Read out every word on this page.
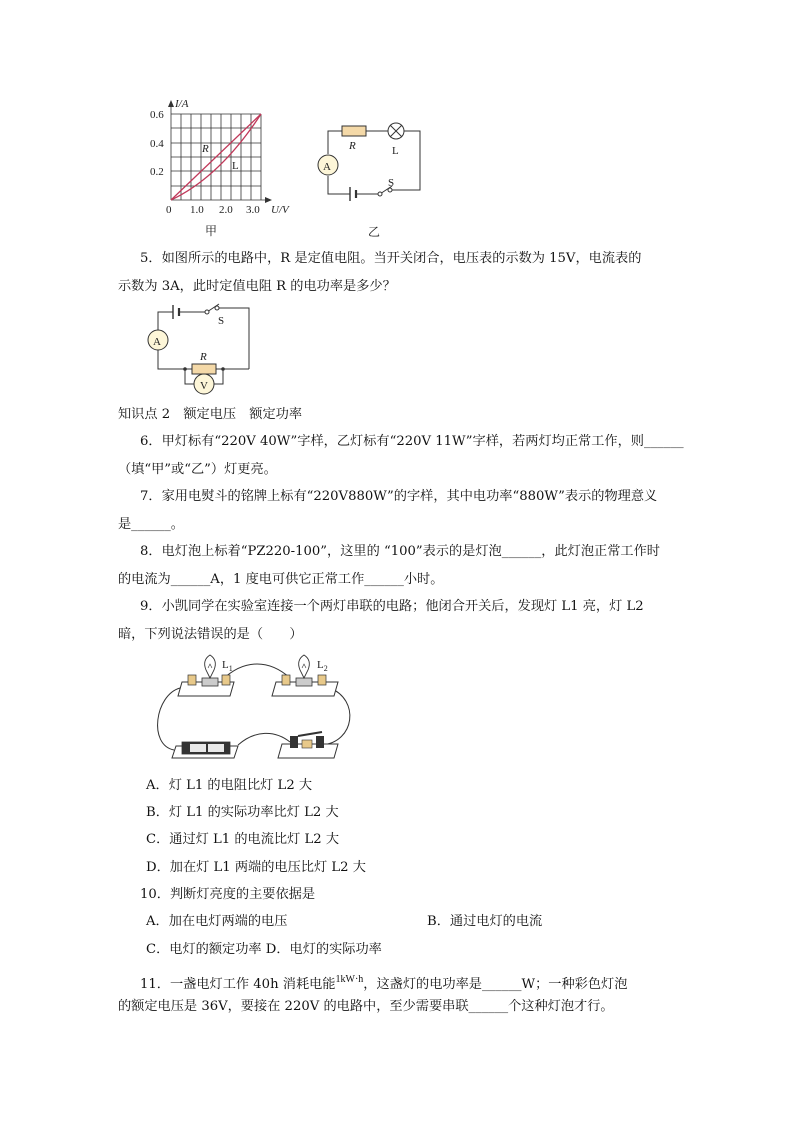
I/A
0.6
0.4
0.2
0 1.0 2.0 3.0 U/V
R
L
甲
A
R	L
S
乙
5．如图所示的电路中，R 是定值电阻。当开关闭合，电压表的示数为 15V，电流表的
示数为 3A，此时定值电阻 R 的电功率是多少？
A
S
R
V
知识点 2　额定电压　额定功率
6．甲灯标有“220V 40W”字样，乙灯标有“220V 11W”字样，若两灯均正常工作，则______
（填“甲”或“乙”）灯更亮。
7．家用电熨斗的铭牌上标有“220V880W”的字样，其中电功率“880W”表示的物理意义
是______。
8．电灯泡上标着“PZ220-100”，这里的 “100”表示的是灯泡______，此灯泡正常工作时
的电流为______A，1 度电可供它正常工作______小时。
9．小凯同学在实验室连接一个两灯串联的电路；他闭合开关后，发现灯 L1 亮，灯 L2
暗，下列说法错误的是（　　）
$L_1$	$L_2$
A．灯 L1 的电阻比灯 L2 大
B．灯 L1 的实际功率比灯 L2 大
C．通过灯 L1 的电流比灯 L2 大
D．加在灯 L1 两端的电压比灯 L2 大
10．判断灯亮度的主要依据是
A．加在电灯两端的电压	B．通过电灯的电流
C．电灯的额定功率 D．电灯的实际功率
11．一盏电灯工作 40h 消耗电能$^{1kW\cdot h}$，这盏灯的电功率是______W；一种彩色灯泡
的额定电压是 36V，要接在 220V 的电路中，至少需要串联______个这种灯泡才行。
